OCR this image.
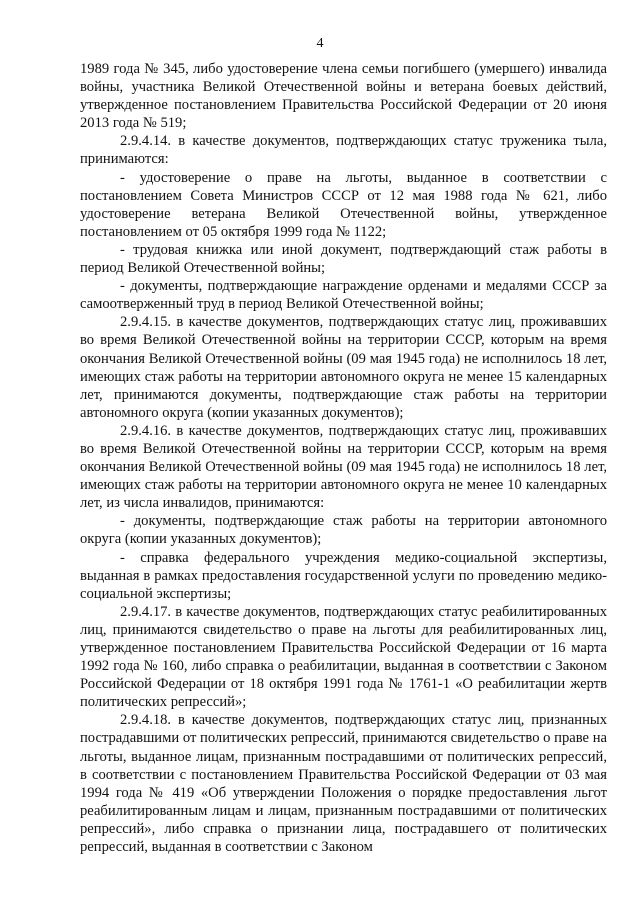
4

1989 года № 345, либо удостоверение члена семьи погибшего (умершего) инвалида войны, участника Великой Отечественной войны и ветерана боевых действий, утвержденное постановлением Правительства Российской Федерации от 20 июня 2013 года № 519;

2.9.4.14. в качестве документов, подтверждающих статус труженика тыла, принимаются:

- удостоверение о праве на льготы, выданное в соответствии с постановлением Совета Министров СССР от 12 мая 1988 года № 621, либо удостоверение ветерана Великой Отечественной войны, утвержденное постановлением от 05 октября 1999 года № 1122;

- трудовая книжка или иной документ, подтверждающий стаж работы в период Великой Отечественной войны;

- документы, подтверждающие награждение орденами и медалями СССР за самоотверженный труд в период Великой Отечественной войны;

2.9.4.15. в качестве документов, подтверждающих статус лиц, проживавших во время Великой Отечественной войны на территории СССР, которым на время окончания Великой Отечественной войны (09 мая 1945 года) не исполнилось 18 лет, имеющих стаж работы на территории автономного округа не менее 15 календарных лет, принимаются документы, подтверждающие стаж работы на территории автономного округа (копии указанных документов);

2.9.4.16. в качестве документов, подтверждающих статус лиц, проживавших во время Великой Отечественной войны на территории СССР, которым на время окончания Великой Отечественной войны (09 мая 1945 года) не исполнилось 18 лет, имеющих стаж работы на территории автономного округа не менее 10 календарных лет, из числа инвалидов, принимаются:

- документы, подтверждающие стаж работы на территории автономного округа (копии указанных документов);

- справка федерального учреждения медико-социальной экспертизы, выданная в рамках предоставления государственной услуги по проведению медико-социальной экспертизы;

2.9.4.17. в качестве документов, подтверждающих статус реабилитированных лиц, принимаются свидетельство о праве на льготы для реабилитированных лиц, утвержденное постановлением Правительства Российской Федерации от 16 марта 1992 года № 160, либо справка о реабилитации, выданная в соответствии с Законом Российской Федерации от 18 октября 1991 года № 1761-1 «О реабилитации жертв политических репрессий»;

2.9.4.18. в качестве документов, подтверждающих статус лиц, признанных пострадавшими от политических репрессий, принимаются свидетельство о праве на льготы, выданное лицам, признанным пострадавшими от политических репрессий, в соответствии с постановлением Правительства Российской Федерации от 03 мая 1994 года № 419 «Об утверждении Положения о порядке предоставления льгот реабилитированным лицам и лицам, признанным пострадавшими от политических репрессий», либо справка о признании лица, пострадавшего от политических репрессий, выданная в соответствии с Законом
